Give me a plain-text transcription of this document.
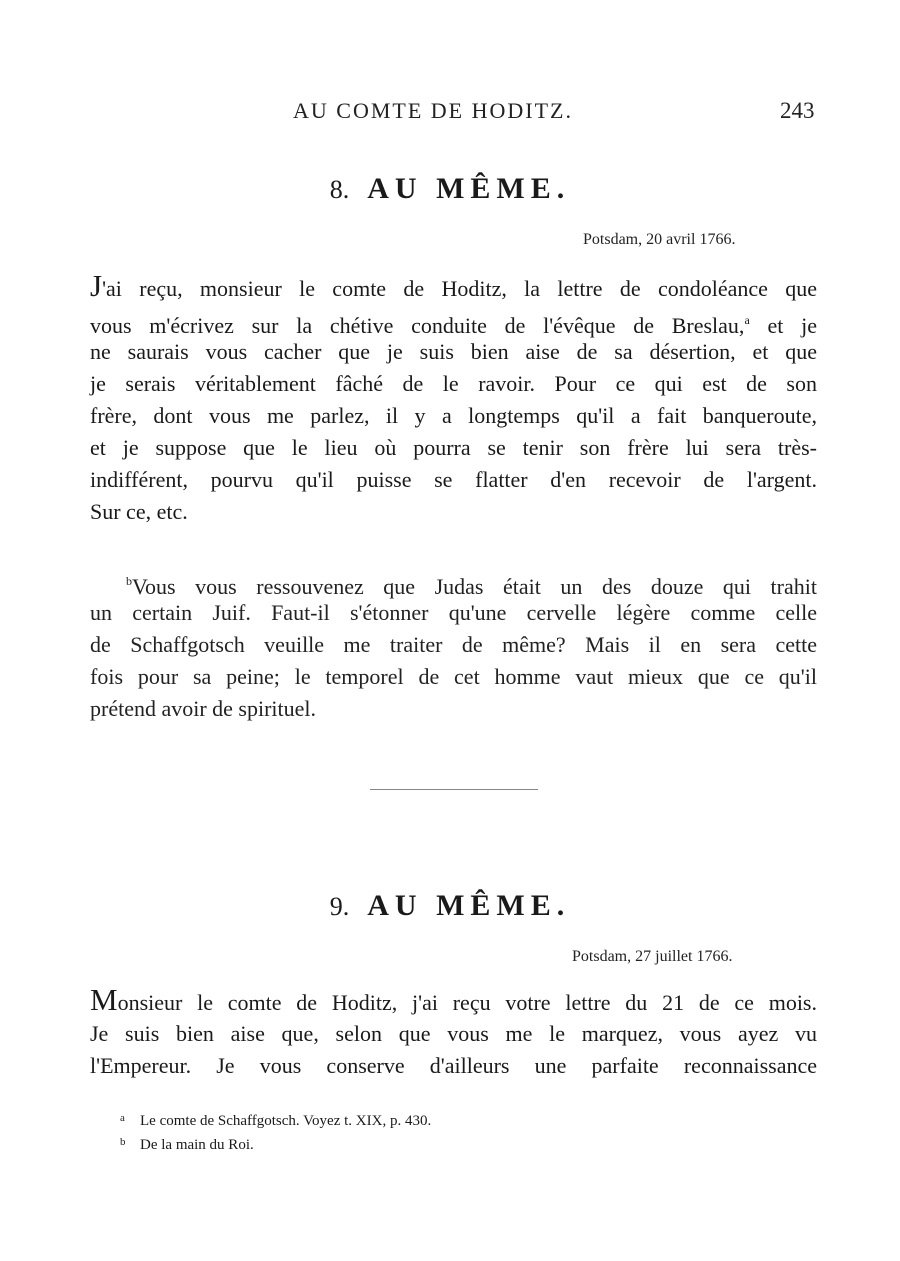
AU COMTE DE HODITZ.	243
8. AU MÊME.
Potsdam, 20 avril 1766.
J'ai reçu, monsieur le comte de Hoditz, la lettre de condoléance que
vous m'écrivez sur la chétive conduite de l'évêque de Breslau,$^a$ et je
ne saurais vous cacher que je suis bien aise de sa désertion, et que
je serais véritablement fâché de le ravoir. Pour ce qui est de son
frère, dont vous me parlez, il y a longtemps qu'il a fait banqueroute,
et je suppose que le lieu où pourra se tenir son frère lui sera très-
indifférent, pourvu qu'il puisse se flatter d'en recevoir de l'argent.
Sur ce, etc.
$^b$Vous vous ressouvenez que Judas était un des douze qui trahit
un certain Juif. Faut-il s'étonner qu'une cervelle légère comme celle
de Schaffgotsch veuille me traiter de même? Mais il en sera cette
fois pour sa peine; le temporel de cet homme vaut mieux que ce qu'il
prétend avoir de spirituel.
9. AU MÊME.
Potsdam, 27 juillet 1766.
Monsieur le comte de Hoditz, j'ai reçu votre lettre du 21 de ce mois.
Je suis bien aise que, selon que vous me le marquez, vous ayez vu
l'Empereur. Je vous conserve d'ailleurs une parfaite reconnaissance
a Le comte de Schaffgotsch. Voyez t. XIX, p. 430.
b De la main du Roi.
